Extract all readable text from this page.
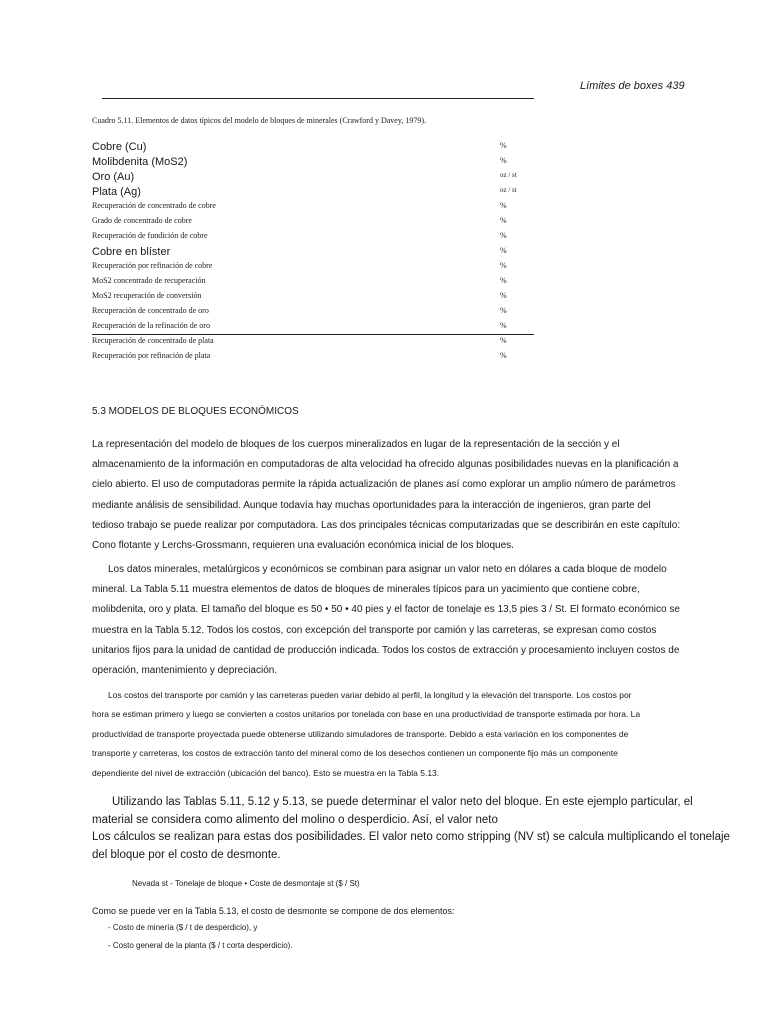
Límites de boxes 439
Cuadro 5.11. Elementos de datos típicos del modelo de bloques de minerales (Crawford y Davey, 1979).
Cobre (Cu)	%
Molibdenita (MoS2)	%
Oro (Au)	oz / st
Plata (Ag)	oz / st
Recuperación de concentrado de cobre	%
Grado de concentrado de cobre	%
Recuperación de fundición de cobre	%
Cobre en blíster	%
Recuperación por refinación de cobre	%
MoS2 concentrado de recuperación	%
MoS2 recuperación de conversión	%
Recuperación de concentrado de oro	%
Recuperación de la refinación de oro	%
Recuperación de concentrado de plata	%
Recuperación por refinación de plata	%
5.3 MODELOS DE BLOQUES ECONÓMICOS
La representación del modelo de bloques de los cuerpos mineralizados en lugar de la representación de la sección y el
almacenamiento de la información en computadoras de alta velocidad ha ofrecido algunas posibilidades nuevas en la planificación a
cielo abierto. El uso de computadoras permite la rápida actualización de planes así como explorar un amplio número de parámetros
mediante análisis de sensibilidad. Aunque todavía hay muchas oportunidades para la interacción de ingenieros, gran parte del
tedioso trabajo se puede realizar por computadora. Las dos principales técnicas computarizadas que se describirán en este capítulo:
Cono flotante y Lerchs-Grossmann, requieren una evaluación económica inicial de los bloques.
Los datos minerales, metalúrgicos y económicos se combinan para asignar un valor neto en dólares a cada bloque de modelo
mineral. La Tabla 5.11 muestra elementos de datos de bloques de minerales típicos para un yacimiento que contiene cobre,
molibdenita, oro y plata. El tamaño del bloque es 50 • 50 • 40 pies y el factor de tonelaje es 13,5 pies 3 / St. El formato económico se
muestra en la Tabla 5.12. Todos los costos, con excepción del transporte por camión y las carreteras, se expresan como costos
unitarios fijos para la unidad de cantidad de producción indicada. Todos los costos de extracción y procesamiento incluyen costos de
operación, mantenimiento y depreciación.
Los costos del transporte por camión y las carreteras pueden variar debido al perfil, la longitud y la elevación del transporte. Los costos por
hora se estiman primero y luego se convierten a costos unitarios por tonelada con base en una productividad de transporte estimada por hora. La
productividad de transporte proyectada puede obtenerse utilizando simuladores de transporte. Debido a esta variación en los componentes de
transporte y carreteras, los costos de extracción tanto del mineral como de los desechos contienen un componente fijo más un componente
dependiente del nivel de extracción (ubicación del banco). Esto se muestra en la Tabla 5.13.
Utilizando las Tablas 5.11, 5.12 y 5.13, se puede determinar el valor neto del bloque. En este ejemplo particular, el
material se considera como alimento del molino o desperdicio. Así, el valor neto
Los cálculos se realizan para estas dos posibilidades. El valor neto como stripping (NV st) se calcula multiplicando el tonelaje
del bloque por el costo de desmonte.
Nevada st - Tonelaje de bloque • Coste de desmontaje st ($ / St)
Como se puede ver en la Tabla 5.13, el costo de desmonte se compone de dos elementos:
- Costo de minería ($ / t de desperdicio), y
- Costo general de la planta ($ / t corta desperdicio).
